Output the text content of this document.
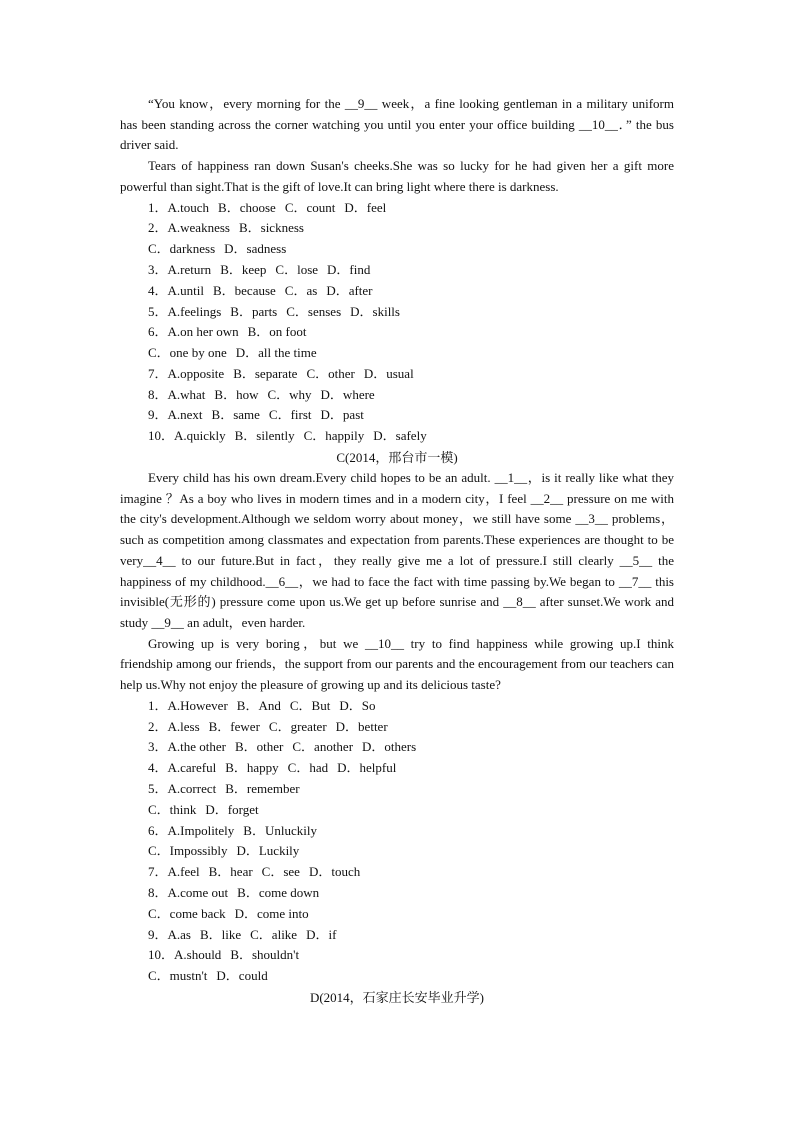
“You know，every morning for the __9__ week，a fine looking gentleman in a military uniform has been standing across the corner watching you until you enter your office building __10__．” the bus driver said.

Tears of happiness ran down Susan's cheeks.She was so lucky for he had given her a gift more powerful than sight.That is the gift of love.It can bring light where there is darkness.

1．A.touch B．choose C．count D．feel
2．A.weakness B．sickness
C．darkness D．sadness
3．A.return B．keep C．lose D．find
4．A.until B．because C．as D．after
5．A.feelings B．parts C．senses D．skills
6．A.on her own B．on foot
C．one by one D．all the time
7．A.opposite B．separate C．other D．usual
8．A.what B．how C．why D．where
9．A.next B．same C．first D．past
10．A.quickly B．silently C．happily D．safely
C(2014，邢台市一模)

Every child has his own dream.Every child hopes to be an adult. __1__，is it really like what they imagine ？As a boy who lives in modern times and in a modern city，I feel __2__ pressure on me with the city's development.Although we seldom worry about money，we still have some __3__ problems，such as competition among classmates and expectation from parents.These experiences are thought to be very__4__ to our future.But in fact，they really give me a lot of pressure.I still clearly __5__ the happiness of my childhood.__6__，we had to face the fact with time passing by.We began to __7__ this invisible(无形的) pressure come upon us.We get up before sunrise and __8__ after sunset.We work and study __9__ an adult，even harder.

Growing up is very boring，but we __10__ try to find happiness while growing up.I think friendship among our friends，the support from our parents and the encouragement from our teachers can help us.Why not enjoy the pleasure of growing up and its delicious taste?

1．A.However B．And C．But D．So
2．A.less B．fewer C．greater D．better
3．A.the other B．other C．another D．others
4．A.careful B．happy C．had D．helpful
5．A.correct B．remember
C．think D．forget
6．A.Impolitely B．Unluckily
C．Impossibly D．Luckily
7．A.feel B．hear C．see D．touch
8．A.come out B．come down
C．come back D．come into
9．A.as B．like C．alike D．if
10．A.should B．shouldn't
C．mustn't D．could
D(2014，石家庄长安毕业升学)
